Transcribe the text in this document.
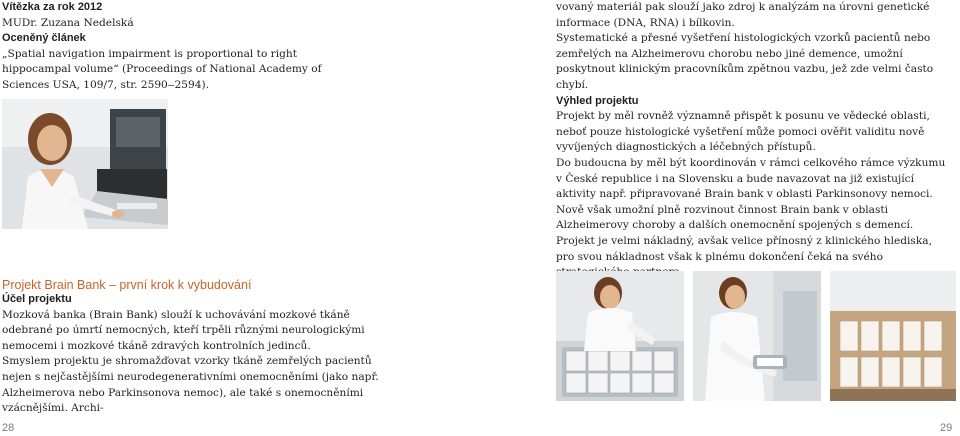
Vítězka za rok 2012

MUDr. Zuzana Nedelská

Oceněný článek

„Spatial navigation impairment is proportional to right hippocampal volume“ (Proceedings of National Academy of Sciences USA, 109/7, str. 2590‒2594).

Projekt Brain Bank ‒ první krok k vybudování

Účel projektu

Mozková banka (Brain Bank) slouží k uchovávání mozkové tkáně odebrané po úmrtí nemocných, kteří trpěli různými neurologickými nemocemi i mozkové tkáně zdravých kontrolních jedinců.

Smyslem projektu je shromažďovat vzorky tkáně zemřelých pacientů nejen s nejčastějšími neurodegenerativními onemocněními (jako např. Alzheimerova nebo Parkinsonova nemoc), ale také s onemocněními vzácnějšími. Archi-

28

vovaný materiál pak slouží jako zdroj k analýzám na úrovni genetické informace (DNA, RNA) i bílkovin.

Systematické a přesné vyšetření histologických vzorků pacientů nebo zemřelých na Alzheimerovu chorobu nebo jiné demence, umožní poskytnout klinickým pracovníkům zpětnou vazbu, jež zde velmi často chybí.

Výhled projektu

Projekt by měl rovněž významně přispět k posunu ve vědecké oblasti, neboť pouze histologické vyšetření může pomoci ověřit validitu nově vyvíjených diagnostických a léčebných přístupů.

Do budoucna by měl být koordinován v rámci celkového rámce výzkumu v České republice i na Slovensku a bude navazovat na již existující aktivity např. připravované Brain bank v oblasti Parkinsonovy nemoci. Nově však umožní plně rozvinout činnost Brain bank v oblasti Alzheimerovy choroby a dalších onemocnění spojených s demencí.

Projekt je velmi nákladný, avšak velice přínosný z klinického hlediska, pro svou nákladnost však k plnému dokončení čeká na svého

29
